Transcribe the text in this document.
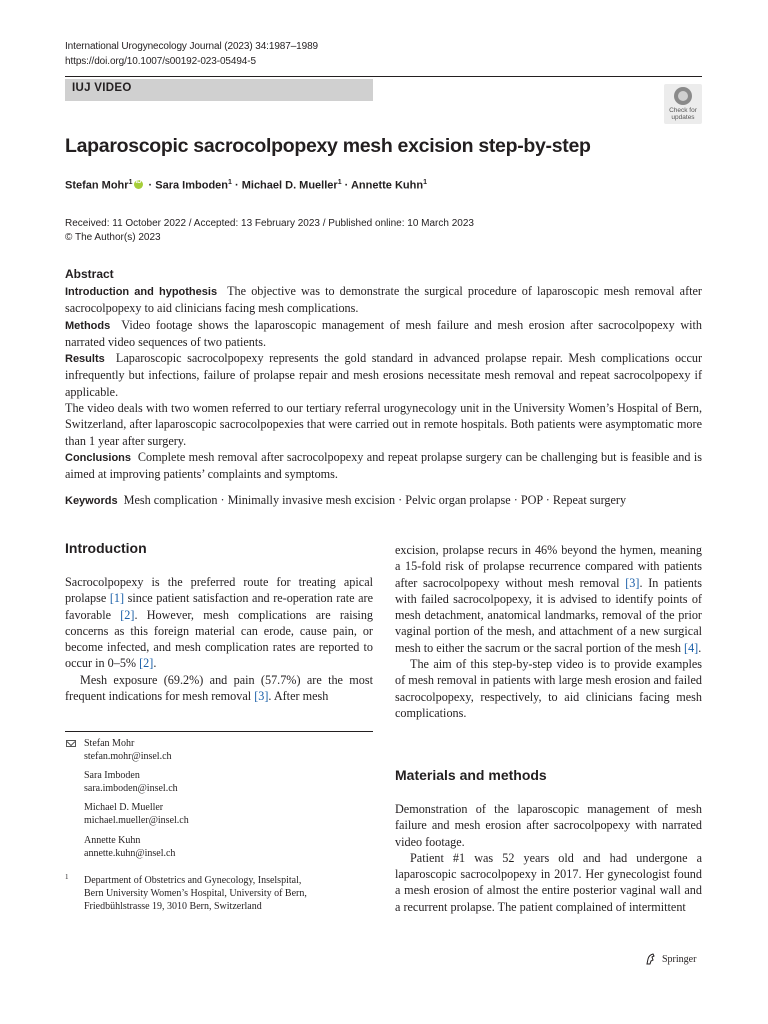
International Urogynecology Journal (2023) 34:1987–1989
https://doi.org/10.1007/s00192-023-05494-5
IUJ VIDEO
Check for
updates
Laparoscopic sacrocolpopexy mesh excision step-by-step
Stefan Mohr$^1$iD · Sara Imboden$^1$ · Michael D. Mueller$^1$ · Annette Kuhn$^1$
Received: 11 October 2022 / Accepted: 13 February 2023 / Published online: 10 March 2023
© The Author(s) 2023
Abstract

Introduction and hypothesis The objective was to demonstrate the surgical procedure of laparoscopic mesh removal after sacrocolpopexy to aid clinicians facing mesh complications.

Methods Video footage shows the laparoscopic management of mesh failure and mesh erosion after sacrocolpopexy with narrated video sequences of two patients.

Results Laparoscopic sacrocolpopexy represents the gold standard in advanced prolapse repair. Mesh complications occur infrequently but infections, failure of prolapse repair and mesh erosions necessitate mesh removal and repeat sacrocolpopexy if applicable.

The video deals with two women referred to our tertiary referral urogynecology unit in the University Women’s Hospital of Bern, Switzerland, after laparoscopic sacrocolpopexies that were carried out in remote hospitals. Both patients were asymptomatic more than 1 year after surgery.

Conclusions Complete mesh removal after sacrocolpopexy and repeat prolapse surgery can be challenging but is feasible and is aimed at improving patients’ complaints and symptoms.

Keywords Mesh complication · Minimally invasive mesh excision · Pelvic organ prolapse · POP · Repeat surgery
Introduction

Sacrocolpopexy is the preferred route for treating apical prolapse [1] since patient satisfaction and re-operation rate are favorable [2]. However, mesh complications are raising concerns as this foreign material can erode, cause pain, or become infected, and mesh complication rates are reported to occur in 0–5% [2].

Mesh exposure (69.2%) and pain (57.7%) are the most frequent indications for mesh removal [3]. After mesh

Stefan Mohr
stefan.mohr@insel.ch
Sara Imboden
sara.imboden@insel.ch
Michael D. Mueller
michael.mueller@insel.ch
Annette Kuhn
annette.kuhn@insel.ch
1 Department of Obstetrics and Gynecology, Inselspital,
Bern University Women’s Hospital, University of Bern,
Friedbühlstrasse 19, 3010 Bern, Switzerland

excision, prolapse recurs in 46% beyond the hymen, meaning a 15-fold risk of prolapse recurrence compared with patients after sacrocolpopexy without mesh removal [3]. In patients with failed sacrocolpopexy, it is advised to identify points of mesh detachment, anatomical landmarks, removal of the prior vaginal portion of the mesh, and attachment of a new surgical mesh to either the sacrum or the sacral portion of the mesh [4].

The aim of this step-by-step video is to provide examples of mesh removal in patients with large mesh erosion and failed sacrocolpopexy, respectively, to aid clinicians facing mesh complications.

Materials and methods

Demonstration of the laparoscopic management of mesh failure and mesh erosion after sacrocolpopexy with narrated video footage.

Patient #1 was 52 years old and had undergone a laparoscopic sacrocolpopexy in 2017. Her gynecologist found a mesh erosion of almost the entire posterior vaginal wall and a recurrent prolapse. The patient complained of intermittent

Springer
